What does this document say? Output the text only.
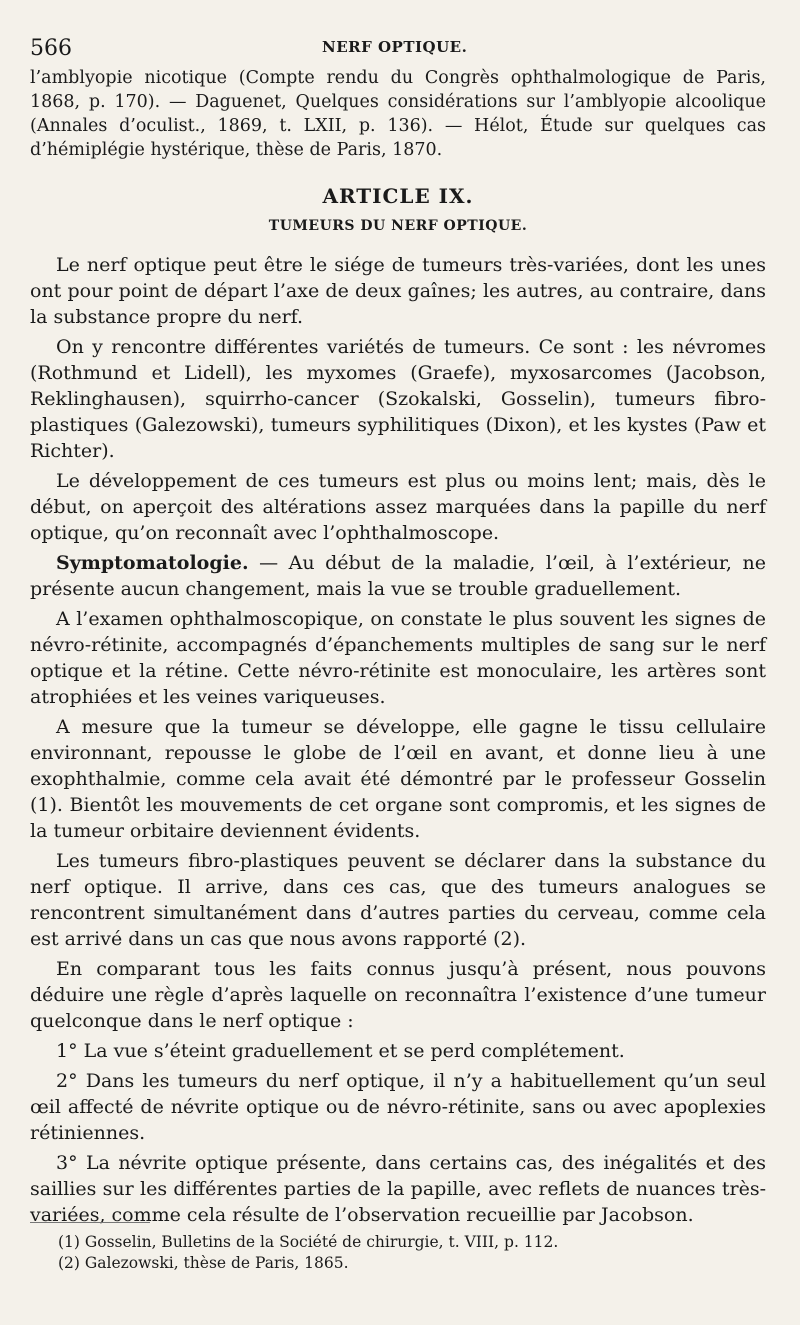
566	NERF OPTIQUE.

l’amblyopie nicotique (Compte rendu du Congrès ophthalmologique de Paris, 1868, p. 170). — Daguenet, Quelques considérations sur l’amblyopie alcoolique (Annales d’oculist., 1869, t. LXII, p. 136). — Hélot, Étude sur quelques cas d’hémiplégie hystérique, thèse de Paris, 1870.

ARTICLE IX.
TUMEURS DU NERF OPTIQUE.

Le nerf optique peut être le siége de tumeurs très-variées, dont les unes ont pour point de départ l’axe de deux gaînes; les autres, au contraire, dans la substance propre du nerf.

On y rencontre différentes variétés de tumeurs. Ce sont : les névromes (Rothmund et Lidell), les myxomes (Graefe), myxosarcomes (Jacobson, Reklinghausen), squirrho-cancer (Szokalski, Gosselin), tumeurs fibro-plastiques (Galezowski), tumeurs syphilitiques (Dixon), et les kystes (Paw et Richter).

Le développement de ces tumeurs est plus ou moins lent; mais, dès le début, on aperçoit des altérations assez marquées dans la papille du nerf optique, qu’on reconnaît avec l’ophthalmoscope.

Symptomatologie. — Au début de la maladie, l’œil, à l’extérieur, ne présente aucun changement, mais la vue se trouble graduellement.

A l’examen ophthalmoscopique, on constate le plus souvent les signes de névro-rétinite, accompagnés d’épanchements multiples de sang sur le nerf optique et la rétine. Cette névro-rétinite est monoculaire, les artères sont atrophiées et les veines variqueuses.

A mesure que la tumeur se développe, elle gagne le tissu cellulaire environnant, repousse le globe de l’œil en avant, et donne lieu à une exophthalmie, comme cela avait été démontré par le professeur Gosselin (1). Bientôt les mouvements de cet organe sont compromis, et les signes de la tumeur orbitaire deviennent évidents.

Les tumeurs fibro-plastiques peuvent se déclarer dans la substance du nerf optique. Il arrive, dans ces cas, que des tumeurs analogues se rencontrent simultanément dans d’autres parties du cerveau, comme cela est arrivé dans un cas que nous avons rapporté (2).

En comparant tous les faits connus jusqu’à présent, nous pouvons déduire une règle d’après laquelle on reconnaîtra l’existence d’une tumeur quelconque dans le nerf optique :

1° La vue s’éteint graduellement et se perd complétement.

2° Dans les tumeurs du nerf optique, il n’y a habituellement qu’un seul œil affecté de névrite optique ou de névro-rétinite, sans ou avec apoplexies rétiniennes.

3° La névrite optique présente, dans certains cas, des inégalités et des saillies sur les différentes parties de la papille, avec reflets de nuances très-variées, comme cela résulte de l’observation recueillie par Jacobson.

(1) Gosselin, Bulletins de la Société de chirurgie, t. VIII, p. 112.
(2) Galezowski, thèse de Paris, 1865.
